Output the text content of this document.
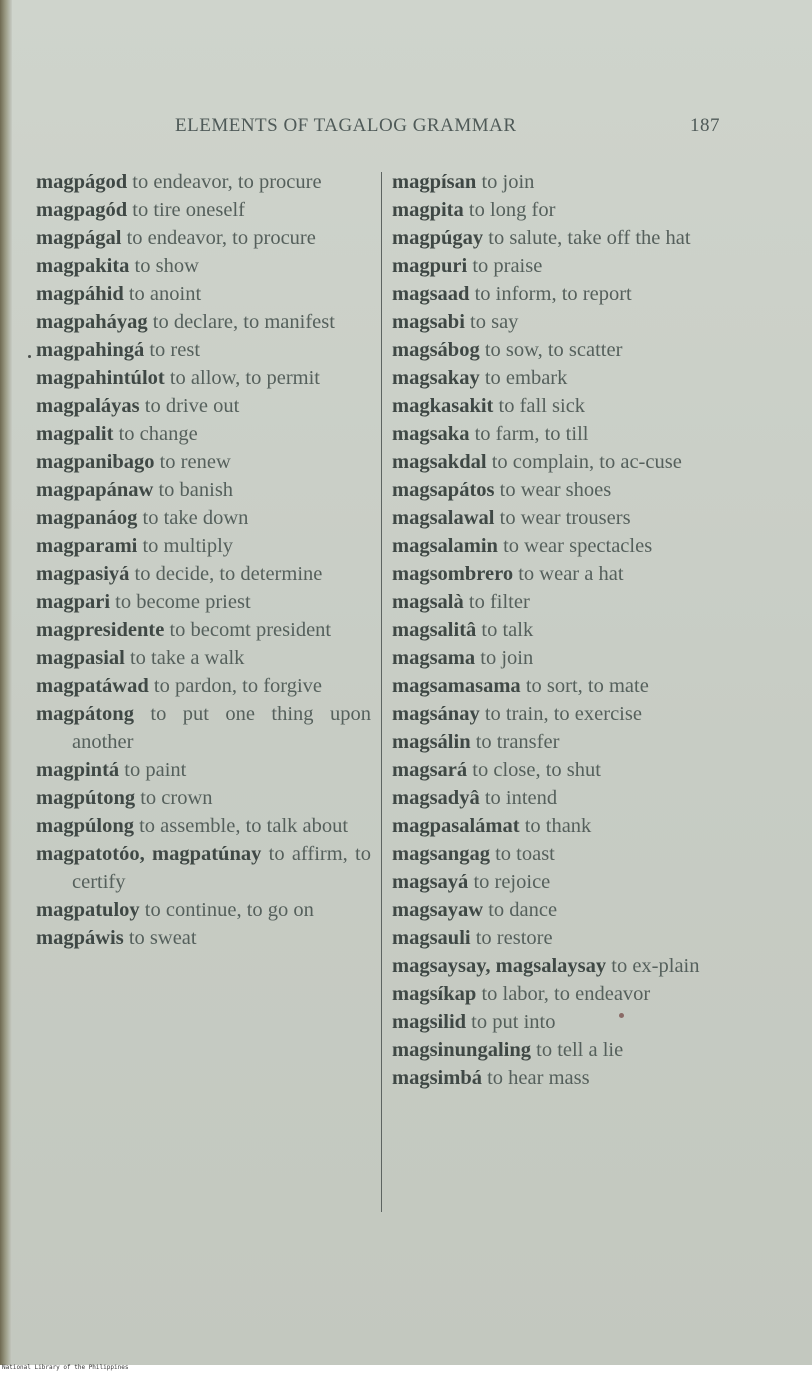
ELEMENTS OF TAGALOG GRAMMAR	187
magpágod to endeavor, to procure
magpagód to tire oneself
magpágal to endeavor, to procure
magpakita to show
magpáhid to anoint
magpaháyag to declare, to manifest
magpahingá to rest
magpahintúlot to allow, to permit
magpaláyas to drive out
magpalit to change
magpanibago to renew
magpapánaw to banish
magpanáog to take down
magparami to multiply
magpasiyá to decide, to determine
magpari to become priest
magpresidente to becomt president
magpasial to take a walk
magpatáwad to pardon, to forgive
magpátong to put one thing upon another
magpintá to paint
magpútong to crown
magpúlong to assemble, to talk about
magpatotóo, magpatúnay to affirm, to certify
magpatuloy to continue, to go on
magpáwis to sweat
magpísan to join
magpita to long for
magpúgay to salute, take off the hat
magpuri to praise
magsaad to inform, to report
magsabi to say
magsábog to sow, to scatter
magsakay to embark
magkasakit to fall sick
magsaka to farm, to till
magsakdal to complain, to ac-cuse
magsapátos to wear shoes
magsalawal to wear trousers
magsalamin to wear spectacles
magsombrero to wear a hat
magsalà to filter
magsalitâ to talk
magsama to join
magsamasama to sort, to mate
magsánay to train, to exercise
magsálin to transfer
magsará to close, to shut
magsadyâ to intend
magpasalámat to thank
magsangag to toast
magsayá to rejoice
magsayaw to dance
magsauli to restore
magsaysay, magsalaysay to ex-plain
magsíkap to labor, to endeavor
magsilid to put into
magsinungaling to tell a lie
magsimbá to hear mass
National Library of the Philippines
